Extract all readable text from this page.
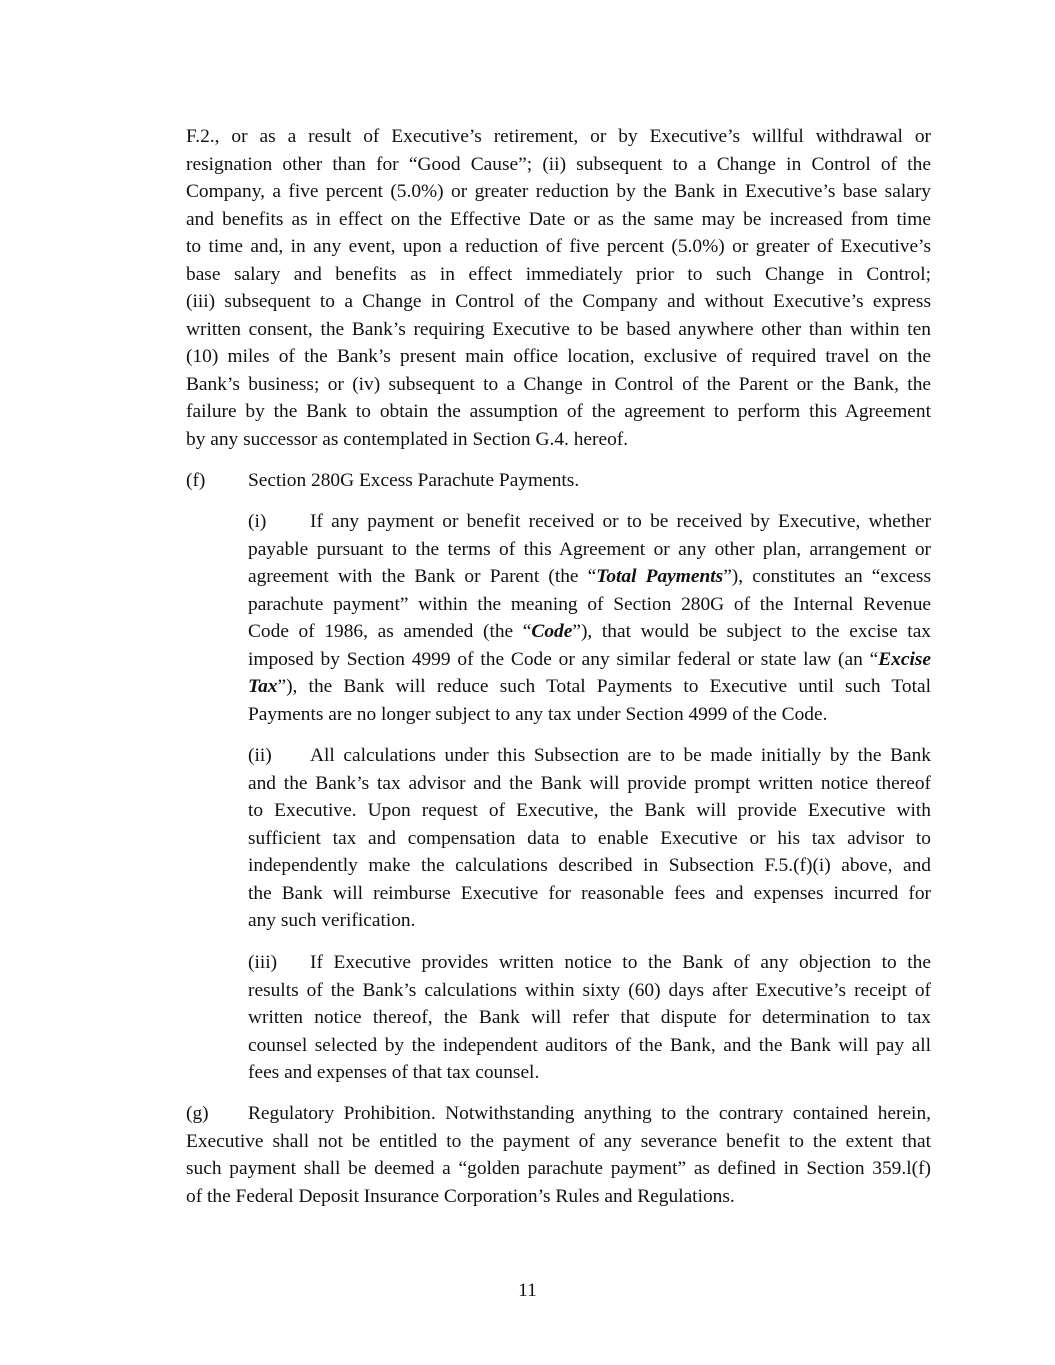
F.2., or as a result of Executive’s retirement, or by Executive’s willful withdrawal or
resignation other than for “Good Cause”; (ii) subsequent to a Change in Control of the
Company, a five percent (5.0%) or greater reduction by the Bank in Executive’s base salary
and benefits as in effect on the Effective Date or as the same may be increased from time
to time and, in any event, upon a reduction of five percent (5.0%) or greater of Executive’s
base salary and benefits as in effect immediately prior to such Change in Control;
(iii) subsequent to a Change in Control of the Company and without Executive’s express
written consent, the Bank’s requiring Executive to be based anywhere other than within ten
(10) miles of the Bank’s present main office location, exclusive of required travel on the
Bank’s business; or (iv) subsequent to a Change in Control of the Parent or the Bank, the
failure by the Bank to obtain the assumption of the agreement to perform this Agreement
by any successor as contemplated in Section G.4. hereof.
(f) Section 280G Excess Parachute Payments.
(i) If any payment or benefit received or to be received by Executive, whether
payable pursuant to the terms of this Agreement or any other plan, arrangement or
agreement with the Bank or Parent (the “Total Payments”), constitutes an “excess
parachute payment” within the meaning of Section 280G of the Internal Revenue
Code of 1986, as amended (the “Code”), that would be subject to the excise tax
imposed by Section 4999 of the Code or any similar federal or state law (an “Excise
Tax”), the Bank will reduce such Total Payments to Executive until such Total
Payments are no longer subject to any tax under Section 4999 of the Code.
(ii) All calculations under this Subsection are to be made initially by the Bank
and the Bank’s tax advisor and the Bank will provide prompt written notice thereof
to Executive. Upon request of Executive, the Bank will provide Executive with
sufficient tax and compensation data to enable Executive or his tax advisor to
independently make the calculations described in Subsection F.5.(f)(i) above, and
the Bank will reimburse Executive for reasonable fees and expenses incurred for
any such verification.
(iii) If Executive provides written notice to the Bank of any objection to the
results of the Bank’s calculations within sixty (60) days after Executive’s receipt of
written notice thereof, the Bank will refer that dispute for determination to tax
counsel selected by the independent auditors of the Bank, and the Bank will pay all
fees and expenses of that tax counsel.
(g) Regulatory Prohibition. Notwithstanding anything to the contrary contained herein,
Executive shall not be entitled to the payment of any severance benefit to the extent that
such payment shall be deemed a “golden parachute payment” as defined in Section 359.l(f)
of the Federal Deposit Insurance Corporation’s Rules and Regulations.
11
